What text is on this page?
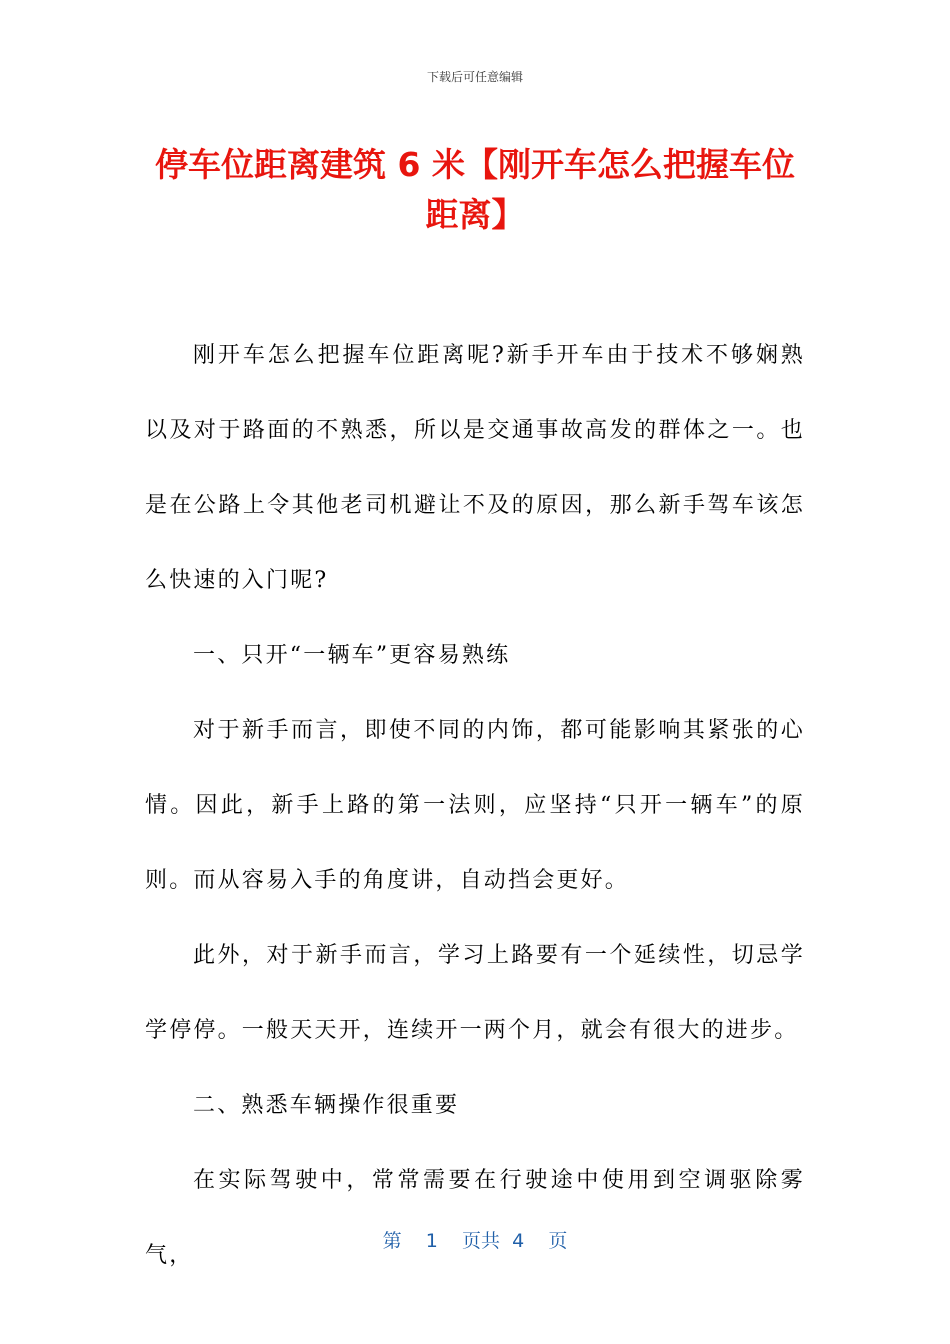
下载后可任意编辑
停车位距离建筑 6 米【刚开车怎么把握车位距离】

刚开车怎么把握车位距离呢?新手开车由于技术不够娴熟以及对于路面的不熟悉，所以是交通事故高发的群体之一。也是在公路上令其他老司机避让不及的原因，那么新手驾车该怎么快速的入门呢?

一、只开“一辆车”更容易熟练

对于新手而言，即使不同的内饰，都可能影响其紧张的心情。因此，新手上路的第一法则，应坚持“只开一辆车”的原则。而从容易入手的角度讲，自动挡会更好。

此外，对于新手而言，学习上路要有一个延续性，切忌学学停停。一般天天开，连续开一两个月，就会有很大的进步。

二、熟悉车辆操作很重要

在实际驾驶中，常常需要在行驶途中使用到空调驱除雾气，

第 1 页共 4 页
